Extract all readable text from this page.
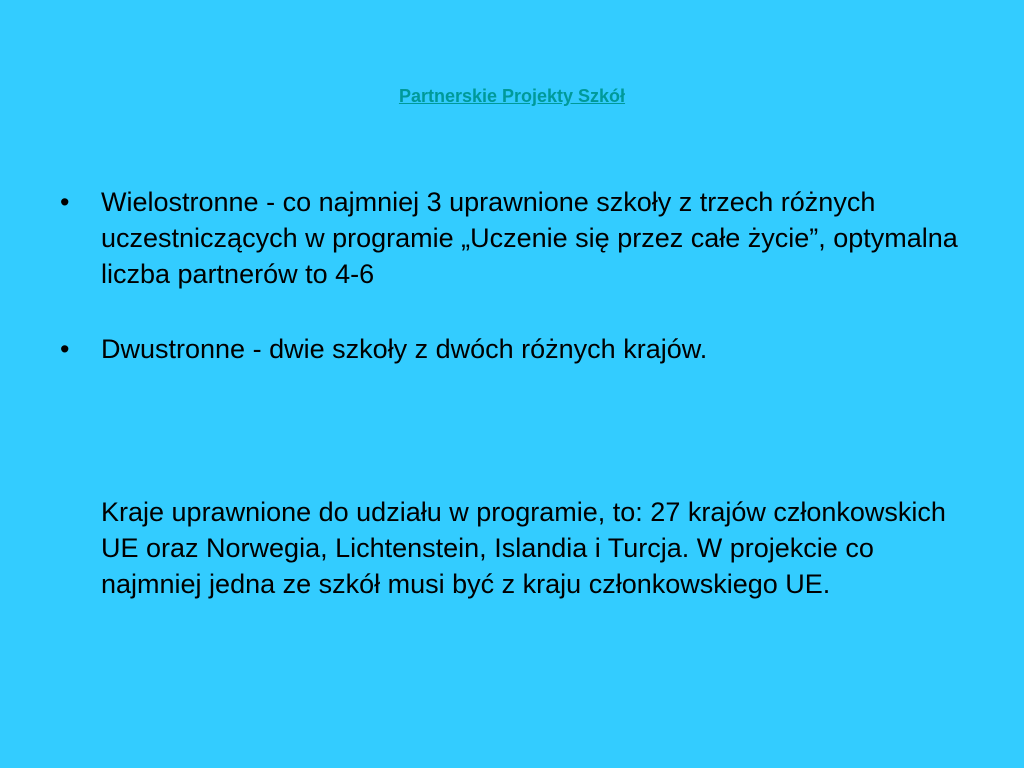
Partnerskie Projekty Szkół
•	Wielostronne - co najmniej 3 uprawnione szkoły z trzech różnych uczestniczących w programie „Uczenie się przez całe życie”, optymalna liczba partnerów to 4-6
•	Dwustronne - dwie szkoły z dwóch różnych krajów.

Kraje uprawnione do udziału w programie, to: 27 krajów członkowskich UE oraz Norwegia, Lichtenstein, Islandia i Turcja. W projekcie co najmniej jedna ze szkół musi być z kraju członkowskiego UE.
